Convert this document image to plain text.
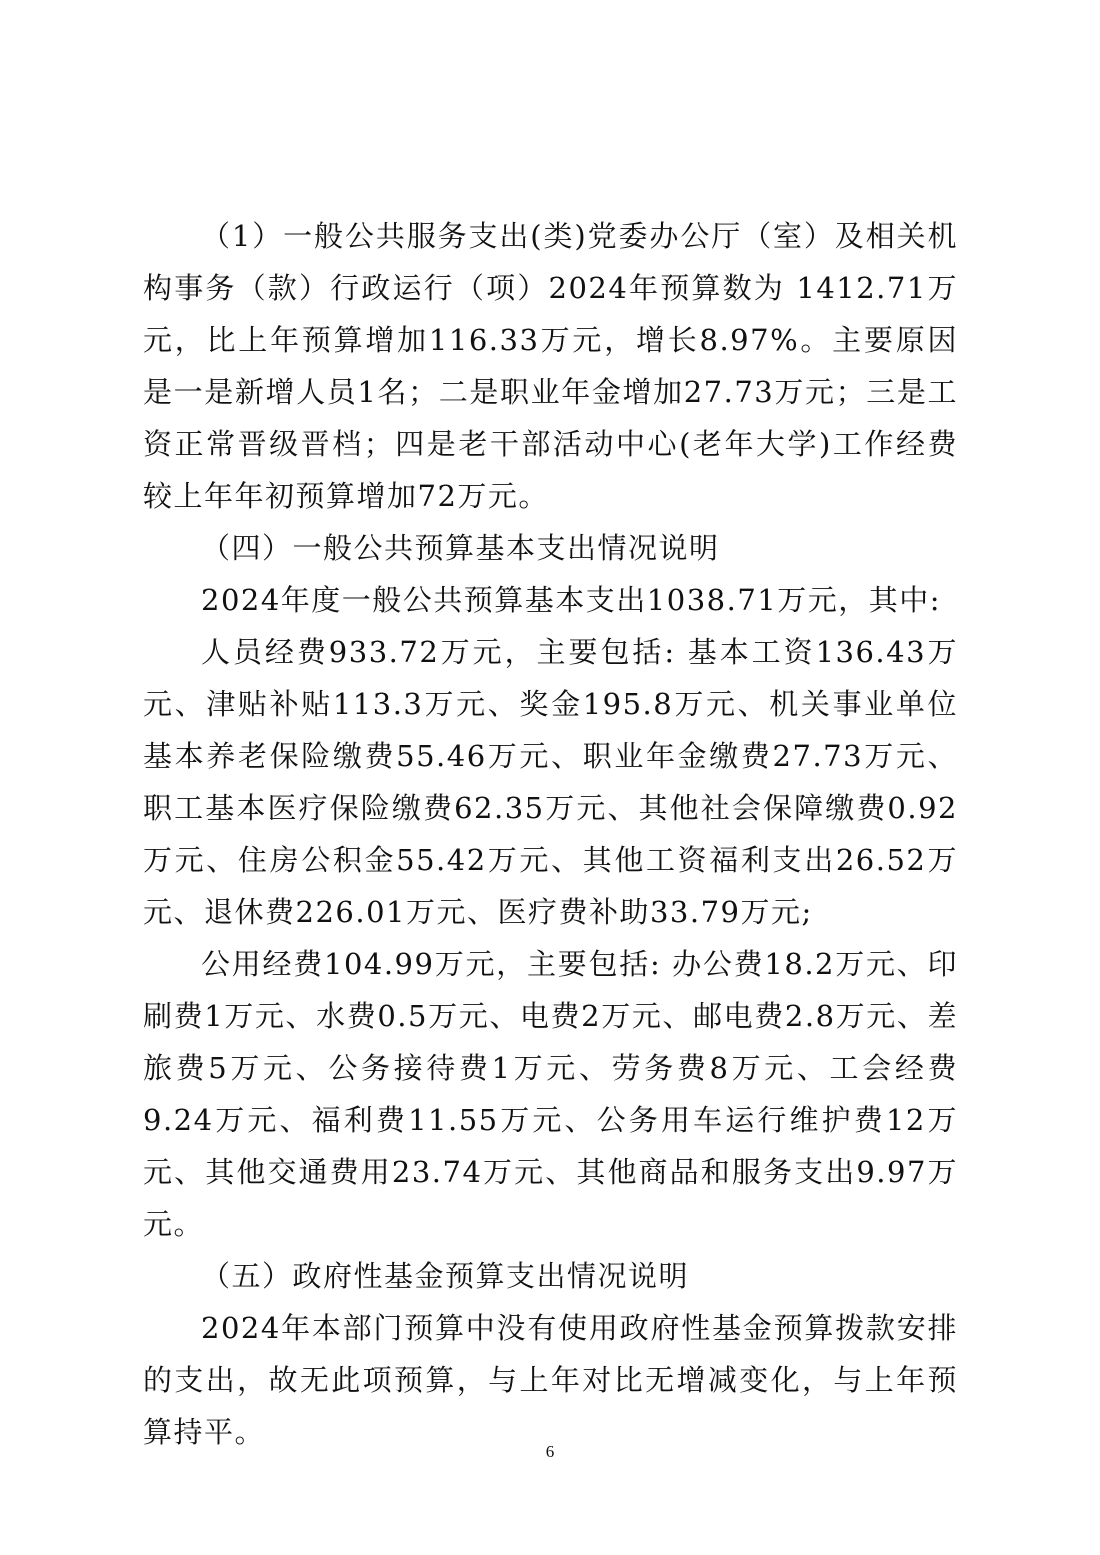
（1）一般公共服务支出(类)党委办公厅（室）及相关机构事务（款）行政运行（项）2024年预算数为 1412.71万元，比上年预算增加116.33万元，增长8.97%。主要原因是一是新增人员1名；二是职业年金增加27.73万元；三是工资正常晋级晋档；四是老干部活动中心(老年大学)工作经费较上年年初预算增加72万元。

（四）一般公共预算基本支出情况说明

2024年度一般公共预算基本支出1038.71万元，其中:

人员经费933.72万元，主要包括: 基本工资136.43万元、津贴补贴113.3万元、奖金195.8万元、机关事业单位基本养老保险缴费55.46万元、职业年金缴费27.73万元、职工基本医疗保险缴费62.35万元、其他社会保障缴费0.92万元、住房公积金55.42万元、其他工资福利支出26.52万元、退休费226.01万元、医疗费补助33.79万元;

公用经费104.99万元，主要包括: 办公费18.2万元、印刷费1万元、水费0.5万元、电费2万元、邮电费2.8万元、差旅费5万元、公务接待费1万元、劳务费8万元、工会经费9.24万元、福利费11.55万元、公务用车运行维护费12万元、其他交通费用23.74万元、其他商品和服务支出9.97万元。

（五）政府性基金预算支出情况说明

2024年本部门预算中没有使用政府性基金预算拨款安排的支出，故无此项预算，与上年对比无增减变化，与上年预算持平。

6
